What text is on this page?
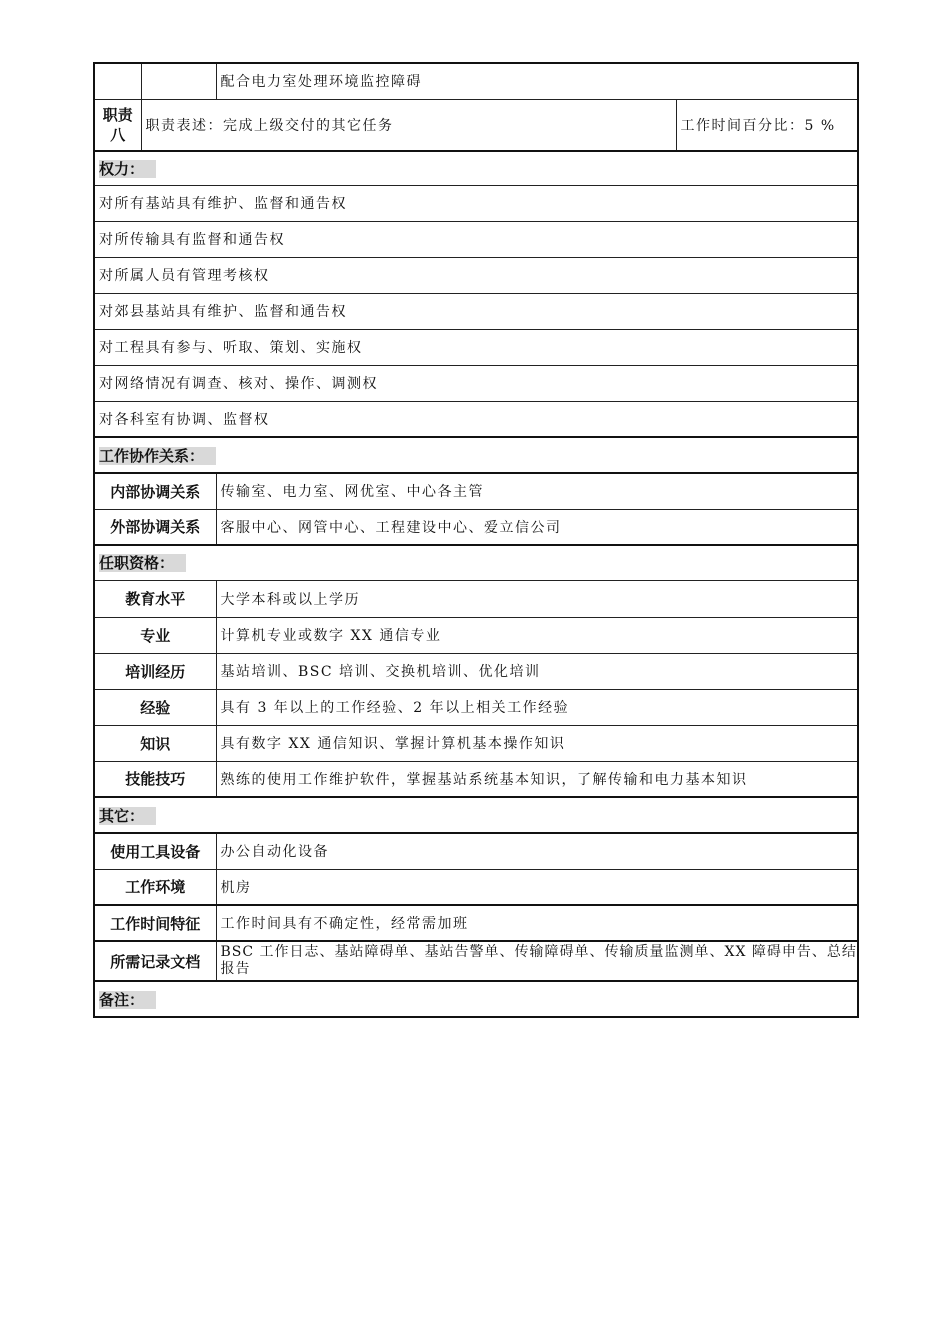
		配合电力室处理环境监控障碍	

职责
八	职责表述：完成上级交付的其它任务		工作时间百分比：5 %
权力：			
对所有基站具有维护、监督和通告权			
对所传输具有监督和通告权			
对所属人员有管理考核权			
对郊县基站具有维护、监督和通告权			
对工程具有参与、听取、策划、实施权			
对网络情况有调查、核对、操作、调测权			
对各科室有协调、监督权			
工作协作关系：			
内部协调关系		传输室、电力室、网优室、中心各主管	
外部协调关系		客服中心、网管中心、工程建设中心、爱立信公司	
任职资格：			
教育水平		大学本科或以上学历	
专业		计算机专业或数字 XX 通信专业	
培训经历		基站培训、BSC 培训、交换机培训、优化培训	
经验		具有 3 年以上的工作经验、2 年以上相关工作经验	
知识		具有数字 XX 通信知识、掌握计算机基本操作知识	
技能技巧		熟练的使用工作维护软件，掌握基站系统基本知识，了解传输和电力基本知识	
其它：			
使用工具设备		办公自动化设备	
工作环境		机房	
工作时间特征		工作时间具有不确定性，经常需加班	
所需记录文档		BSC 工作日志、基站障碍单、基站告警单、传输障碍单、传输质量监测单、XX 障碍申告、总结报告	
备注：			
